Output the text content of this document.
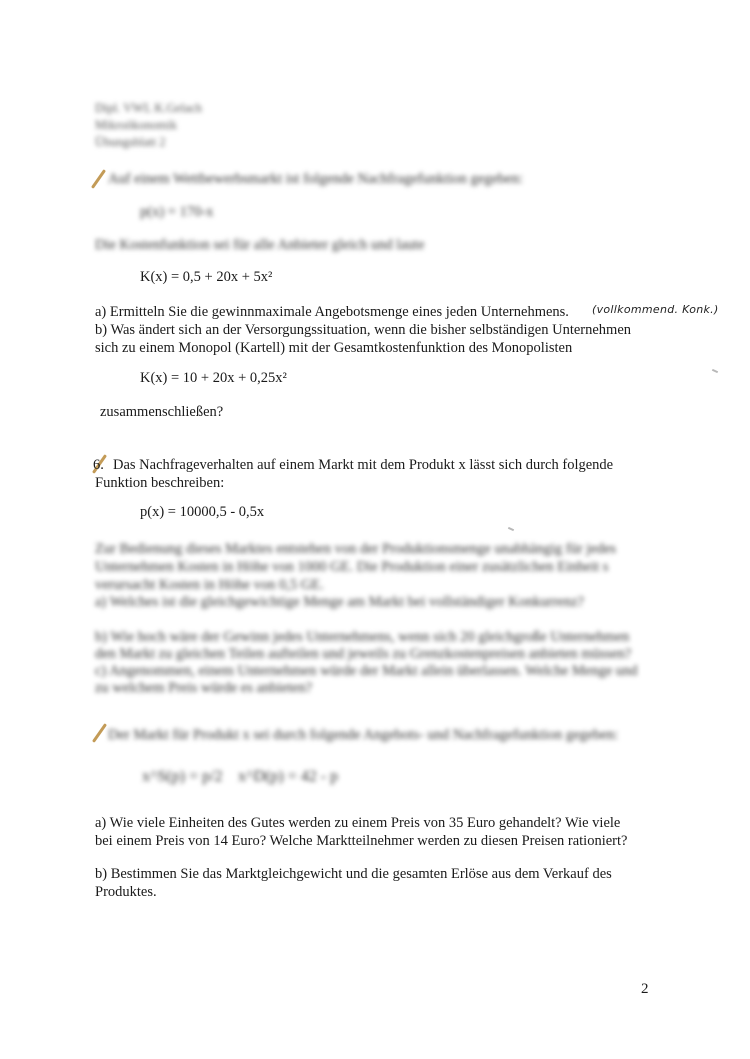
Dipl. VWL K.Gelach
Mikroökonomik
Übungsblatt 2
Auf einem Wettbewerbsmarkt ist folgende Nachfragefunktion gegeben:
p(x) = 170-x
Die Kostenfunktion sei für alle Anbieter gleich und laute
K(x) = 0,5 + 20x + 5x²
a) Ermitteln Sie die gewinnmaximale Angebotsmenge eines jeden Unternehmens. (vollkommend. Konk.)
b) Was ändert sich an der Versorgungssituation, wenn die bisher selbständigen Unternehmen
sich zu einem Monopol (Kartell) mit der Gesamtkostenfunktion des Monopolisten
K(x) = 10 + 20x + 0,25x²
zusammenschließen?
6. Das Nachfrageverhalten auf einem Markt mit dem Produkt x lässt sich durch folgende
Funktion beschreiben:
p(x) = 10000,5 - 0,5x
Zur Bedienung dieses Marktes entstehen von der Produktionsmenge unabhängig für jedes
Unternehmen Kosten in Höhe von 1000 GE. Die Produktion einer zusätzlichen Einheit s
verursacht Kosten in Höhe von 0,5 GE.
a) Welches ist die gleichgewichtige Menge am Markt bei vollständiger Konkurrenz?
b) Wie hoch wäre der Gewinn jedes Unternehmens, wenn sich 20 gleichgroße Unternehmen
den Markt zu gleichen Teilen aufteilen und jeweils zu Grenzkostenpreisen anbieten müssen?
c) Angenommen, einem Unternehmen würde der Markt allein überlassen. Welche Menge und
zu welchem Preis würde es anbieten?
Der Markt für Produkt x sei durch folgende Angebots- und Nachfragefunktion gegeben:
x^S(p) = p/2 x^D(p) = 42 - p
a) Wie viele Einheiten des Gutes werden zu einem Preis von 35 Euro gehandelt? Wie viele
bei einem Preis von 14 Euro? Welche Marktteilnehmer werden zu diesen Preisen rationiert?
b) Bestimmen Sie das Marktgleichgewicht und die gesamten Erlöse aus dem Verkauf des
Produktes.
2
